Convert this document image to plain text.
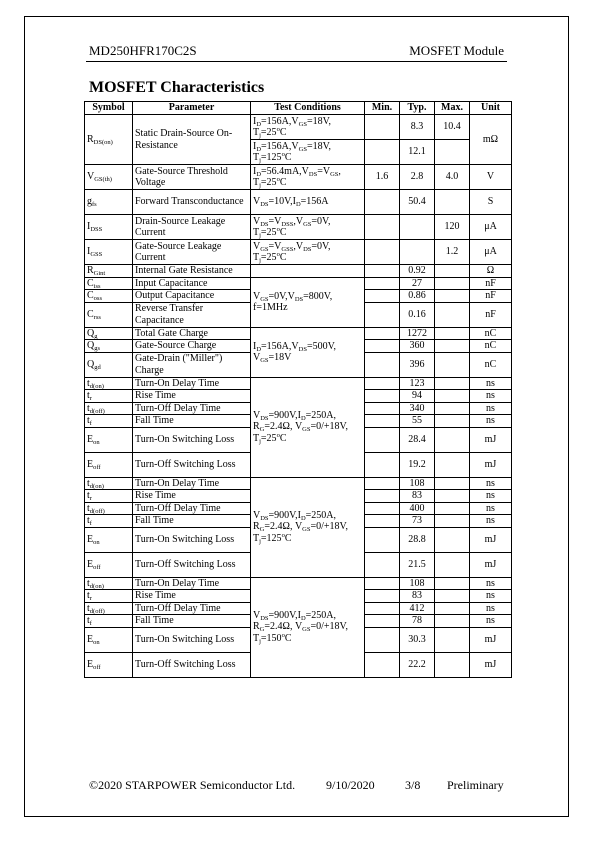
MD250HFR170C2S	MOSFET Module
MOSFET Characteristics
Symbol	Parameter	Test Conditions	Min.	Typ.	Max.	Unit
$R_{DS(on)}$	Static Drain-Source On-Resistance	$I_D=156A,V_{GS}=18V$, $T_j=25^oC$		8.3	10.4	mΩ
		$I_D=156A,V_{GS}=18V$, $T_j=125^oC$		12.1		
$V_{GS(th)}$	Gate-Source Threshold Voltage	$I_D=56.4mA,V_{DS}=V_{GS}$, $T_j=25^oC$	1.6	2.8	4.0	V
$g_{fs}$	Forward Transconductance	$V_{DS}=10V,I_D=156A$		50.4		S
$I_{DSS}$	Drain-Source Leakage Current	$V_{DS}=V_{DSS},V_{GS}=0V$, $T_j=25^oC$			120	μA
$I_{GSS}$	Gate-Source Leakage Current	$V_{GS}=V_{GSS},V_{DS}=0V$, $T_j=25^oC$			1.2	μA
$R_{Gint}$	Internal Gate Resistance			0.92		Ω
$C_{iss}$	Input Capacitance	$V_{GS}=0V,V_{DS}=800V$, f=1MHz		27		nF
$C_{oss}$	Output Capacitance			0.86		nF
$C_{rss}$	Reverse Transfer Capacitance			0.16		nF
$Q_g$	Total Gate Charge	$I_D=156A,V_{DS}=500V$, $V_{GS}=18V$		1272		nC
$Q_{gs}$	Gate-Source Charge			360		nC
$Q_{gd}$	Gate-Drain ("Miller") Charge			396		nC
$t_{d(on)}$	Turn-On Delay Time	$V_{DS}=900V,I_D=250A$, $R_G=2.4\Omega$, $V_{GS}=0/+18V$, $T_j=25^oC$		123		ns
$t_r$	Rise Time			94		ns
$t_{d(off)}$	Turn-Off Delay Time			340		ns
$t_f$	Fall Time			55		ns
$E_{on}$	Turn-On Switching Loss			28.4		mJ
$E_{off}$	Turn-Off Switching Loss			19.2		mJ
$t_{d(on)}$	Turn-On Delay Time	$V_{DS}=900V,I_D=250A$, $R_G=2.4\Omega$, $V_{GS}=0/+18V$, $T_j=125^oC$		108		ns
$t_r$	Rise Time			83		ns
$t_{d(off)}$	Turn-Off Delay Time			400		ns
$t_f$	Fall Time			73		ns
$E_{on}$	Turn-On Switching Loss			28.8		mJ
$E_{off}$	Turn-Off Switching Loss			21.5		mJ
$t_{d(on)}$	Turn-On Delay Time	$V_{DS}=900V,I_D=250A$, $R_G=2.4\Omega$, $V_{GS}=0/+18V$, $T_j=150^oC$		108		ns
$t_r$	Rise Time			83		ns
$t_{d(off)}$	Turn-Off Delay Time			412		ns
$t_f$	Fall Time			78		ns
$E_{on}$	Turn-On Switching Loss			30.3		mJ
$E_{off}$	Turn-Off Switching Loss			22.2		mJ
©2020 STARPOWER Semiconductor Ltd.	9/10/2020	3/8 Preliminary
